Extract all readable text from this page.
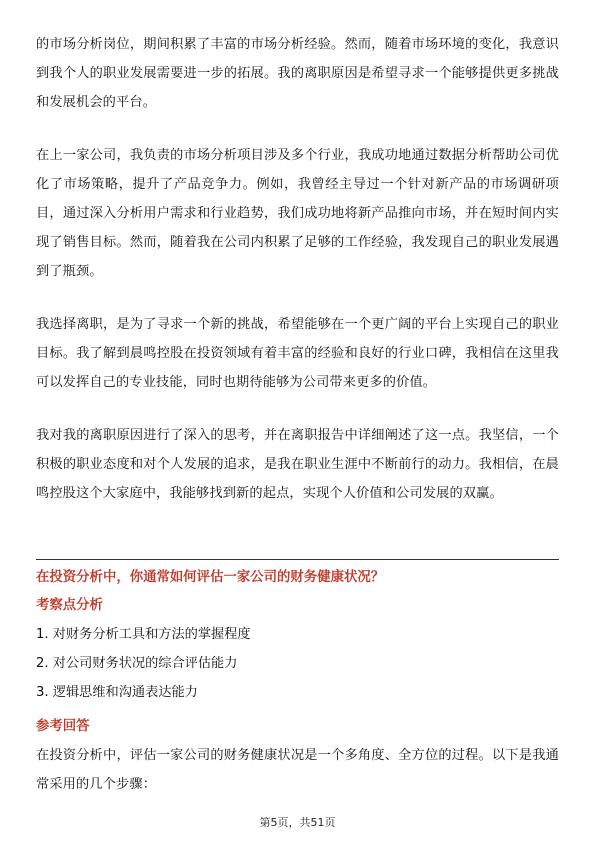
的市场分析岗位，期间积累了丰富的市场分析经验。然而，随着市场环境的变化，我意识到我个人的职业发展需要进一步的拓展。我的离职原因是希望寻求一个能够提供更多挑战和发展机会的平台。

在上一家公司，我负责的市场分析项目涉及多个行业，我成功地通过数据分析帮助公司优化了市场策略，提升了产品竞争力。例如，我曾经主导过一个针对新产品的市场调研项目，通过深入分析用户需求和行业趋势，我们成功地将新产品推向市场，并在短时间内实现了销售目标。然而，随着我在公司内积累了足够的工作经验，我发现自己的职业发展遇到了瓶颈。

我选择离职，是为了寻求一个新的挑战，希望能够在一个更广阔的平台上实现自己的职业目标。我了解到晨鸣控股在投资领域有着丰富的经验和良好的行业口碑，我相信在这里我可以发挥自己的专业技能，同时也期待能够为公司带来更多的价值。

我对我的离职原因进行了深入的思考，并在离职报告中详细阐述了这一点。我坚信，一个积极的职业态度和对个人发展的追求，是我在职业生涯中不断前行的动力。我相信，在晨鸣控股这个大家庭中，我能够找到新的起点，实现个人价值和公司发展的双赢。

在投资分析中，你通常如何评估一家公司的财务健康状况？

考察点分析

1. 对财务分析工具和方法的掌握程度
2. 对公司财务状况的综合评估能力
3. 逻辑思维和沟通表达能力

参考回答

在投资分析中，评估一家公司的财务健康状况是一个多角度、全方位的过程。以下是我通常采用的几个步骤：

第5页，共51页
